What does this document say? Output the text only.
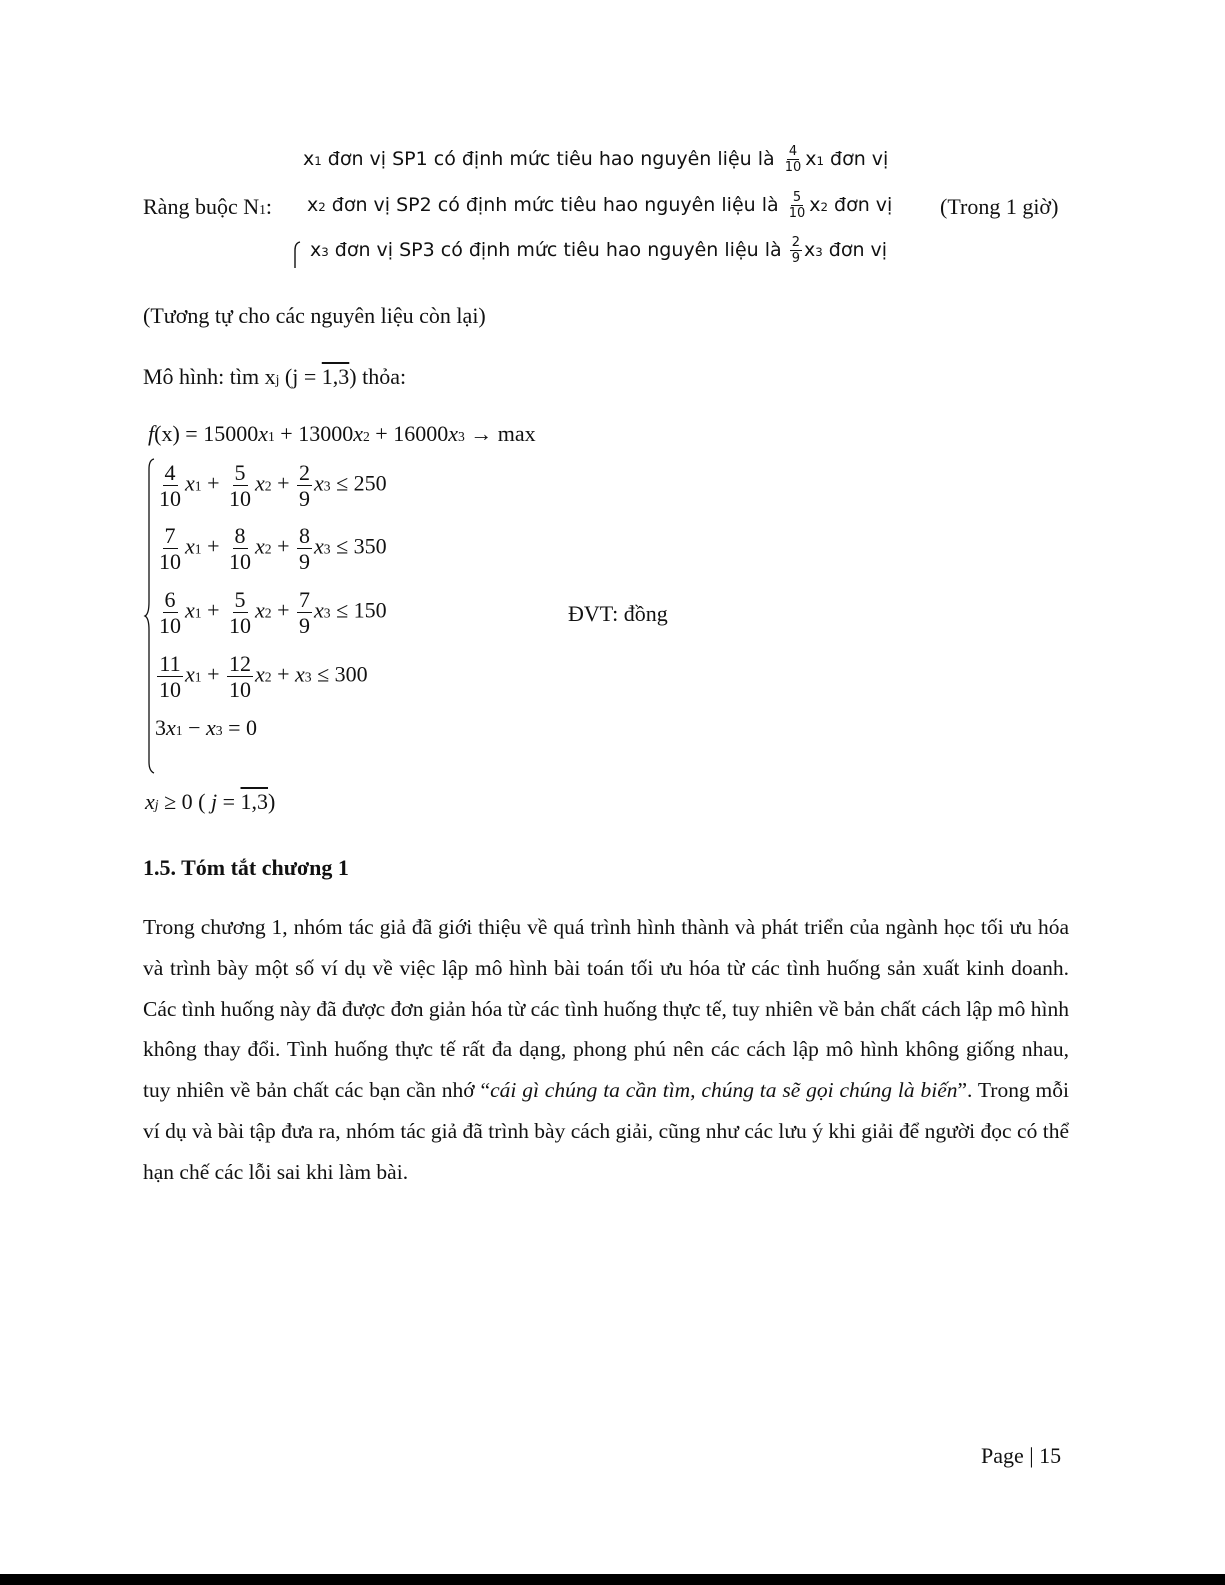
$x_1$ đơn vị SP1 có định mức tiêu hao nguyên liệu là $\frac{4}{10} x_1$ đơn vị
Ràng buộc $N_1$: $x_2$ đơn vị SP2 có định mức tiêu hao nguyên liệu là $\frac{5}{10} x_2$ đơn vị (Trong 1 giờ)
$x_3$ đơn vị SP3 có định mức tiêu hao nguyên liệu là $\frac{2}{9} x_3$ đơn vị
(Tương tự cho các nguyên liệu còn lại)
Mô hình: tìm $x_j$ (j = 1,3) thỏa:
$f(x) = 15000x_1 + 13000x_2 + 16000x_3 \to \max$
$\frac{4}{10} x_1 + \frac{5}{10} x_2 + \frac{2}{9} x_3 \le 250$
$\frac{7}{10} x_1 + \frac{8}{10} x_2 + \frac{8}{9} x_3 \le 350$
$\frac{6}{10} x_1 + \frac{5}{10} x_2 + \frac{7}{9} x_3 \le 150$	ĐVT: đồng
$\frac{11}{10} x_1 + \frac{12}{10} x_2 + x_3 \le 300$
$3x_1 - x_3 = 0$
$x_j \ge 0$ ( j = 1,3)
1.5. Tóm tắt chương 1
Trong chương 1, nhóm tác giả đã giới thiệu về quá trình hình thành và phát triển của ngành học tối ưu hóa và trình bày một số ví dụ về việc lập mô hình bài toán tối ưu hóa từ các tình huống sản xuất kinh doanh. Các tình huống này đã được đơn giản hóa từ các tình huống thực tế, tuy nhiên về bản chất cách lập mô hình không thay đổi. Tình huống thực tế rất đa dạng, phong phú nên các cách lập mô hình không giống nhau, tuy nhiên về bản chất các bạn cần nhớ “cái gì chúng ta cần tìm, chúng ta sẽ gọi chúng là biến”. Trong mỗi ví dụ và bài tập đưa ra, nhóm tác giả đã trình bày cách giải, cũng như các lưu ý khi giải để người đọc có thể hạn chế các lỗi sai khi làm bài.
Page | 15
